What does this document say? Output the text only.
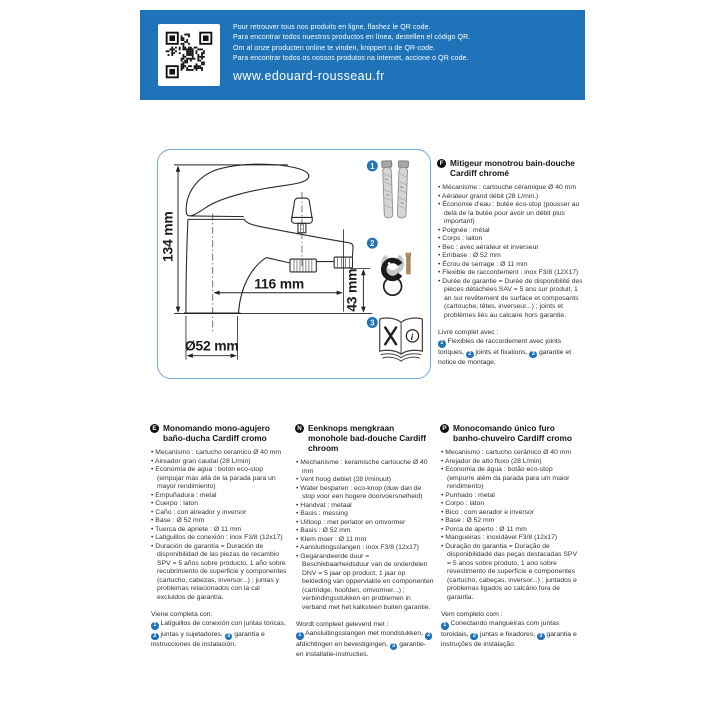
Pour retrouver tous nos produits en ligne, flashez le QR code.

Para encontrar todos nuestros productos en línea, destellen el código QR.

Om al onze producten online te vinden, knippert u de QR-code.

Para encontrar todos os nossos produtos na internet, accione o QR code.

www.edouard-rousseau.fr
134 mm
116 mm	43 mm
Ø52 mm
1
2
3
i
F Mitigeur monotrou bain-douche Cardiff chromé
• Mécanisme : cartouche céramique Ø 40 mm
• Aérateur grand débit (28 L/min.)
• Économie d'eau : butée éco-stop (pousser au delà de la butée pour avoir un débit plus important)
• Poignée : métal
• Corps : laiton
• Bec : avec aérateur et inverseur
• Embase : Ø 52 mm
• Écrou de serrage : Ø 11 mm
• Flexible de raccordement : inox F3/8 (12X17)
• Durée de garantie = Durée de disponibilité des pièces détachées SAV = 5 ans sur produit, 1 an sur revêtement de surface et composants (cartouche, têtes, inverseur...) ; joints et problèmes liés au calcaire hors garantie.

Livré complet avec :

1 Flexibles de raccordement avec joints toriques, 2 joints et fixations, 3 garantie et notice de montage.

E Monomando mono-agujero baño-ducha Cardiff cromo
• Mecanismo : cartucho ceramico Ø 40 mm
• Aireador gran caudal (28 L/min)
• Economía de agua : botón eco-stop (empujar más allá de la parada para un mayor rendimiento)
• Empuñadura : metal
• Cuerpo : laton
• Caño : con aireador y inversor
• Base : Ø 52 mm
• Tuerca de apriete : Ø 11 mm
• Latiguillos de conexión : inox F3/8 (12x17)
• Duración de garantía = Duración de disponibilidad de las piezas de recambio SPV = 5 años sobre producto, 1 año sobre recubrimiento de superficie y componentes (cartucho, cabezas, inversor...) ; juntas y problemas relacionados con la cal excluidos de garantía.

Viene completa con:

1 Latiguillos de conexión con juntas tóricas, 2 juntas y sujetadores, 3 garantía e instrucciones de instalación.

N Eenknops mengkraan monohole bad-douche Cardiff chroom
• Mechanisme : keramische cartouche Ø 40 mm
• Vent hoog debiet (28 l/minuut)
• Water besparen : eco-knop (duw dan de stop voor een hogere doorvoersnelheid)
• Handvat : metaal
• Basis : messing
• Uitloop : met perlator en omvormer
• Basis : Ø 52 mm
• Klem moer : Ø 11 mm
• Aansluitingsslangen : inox F3/8 (12x17)
• Gegarandeerde duur = Beschikbaarheidsduur van de onderdelen DNV = 5 jaar op product, 1 jaar op bekleding van oppervlakte en componenten (cartridge, hoofden, omvormer...) ; verbindingsstukken en problemen in verband met het kalksteen buiten garantie.

Wordt compleet geleverd met :

1 Aansluitingsslangen met mondstukken, 2 afdichtingen en bevestigingen, 3 garantie- en installatie-instructies.

P Monocomando único furo banho-chuveiro Cardiff cromo
• Mecanismo : cartucho cerâmico Ø 40 mm
• Arejador de alto fluxo (28 L/min)
• Economia de água : botão eco-stop (empurre além da parada para um maior rendimento)
• Punhado : metal
• Corpo : laton
• Bico : com aerador e inversor
• Base : Ø 52 mm
• Porca de aperto : Ø 11 mm
• Mangueiras : inoxidável F3/8 (12x17)
• Duração do garantia = Duração de disponibilidade das peças destacadas SPV = 5 anos sobre produto, 1 ano sobre revestimento de superfície e componentes (cartucho, cabeças, inversor...) ; juntados e problemas ligados ao calcário fora de garantia.

Vem completo com :

1 Conectando mangueiras com juntas toroidais, 2 juntas e fixadores, 3 garantia e instruções de instalação.
